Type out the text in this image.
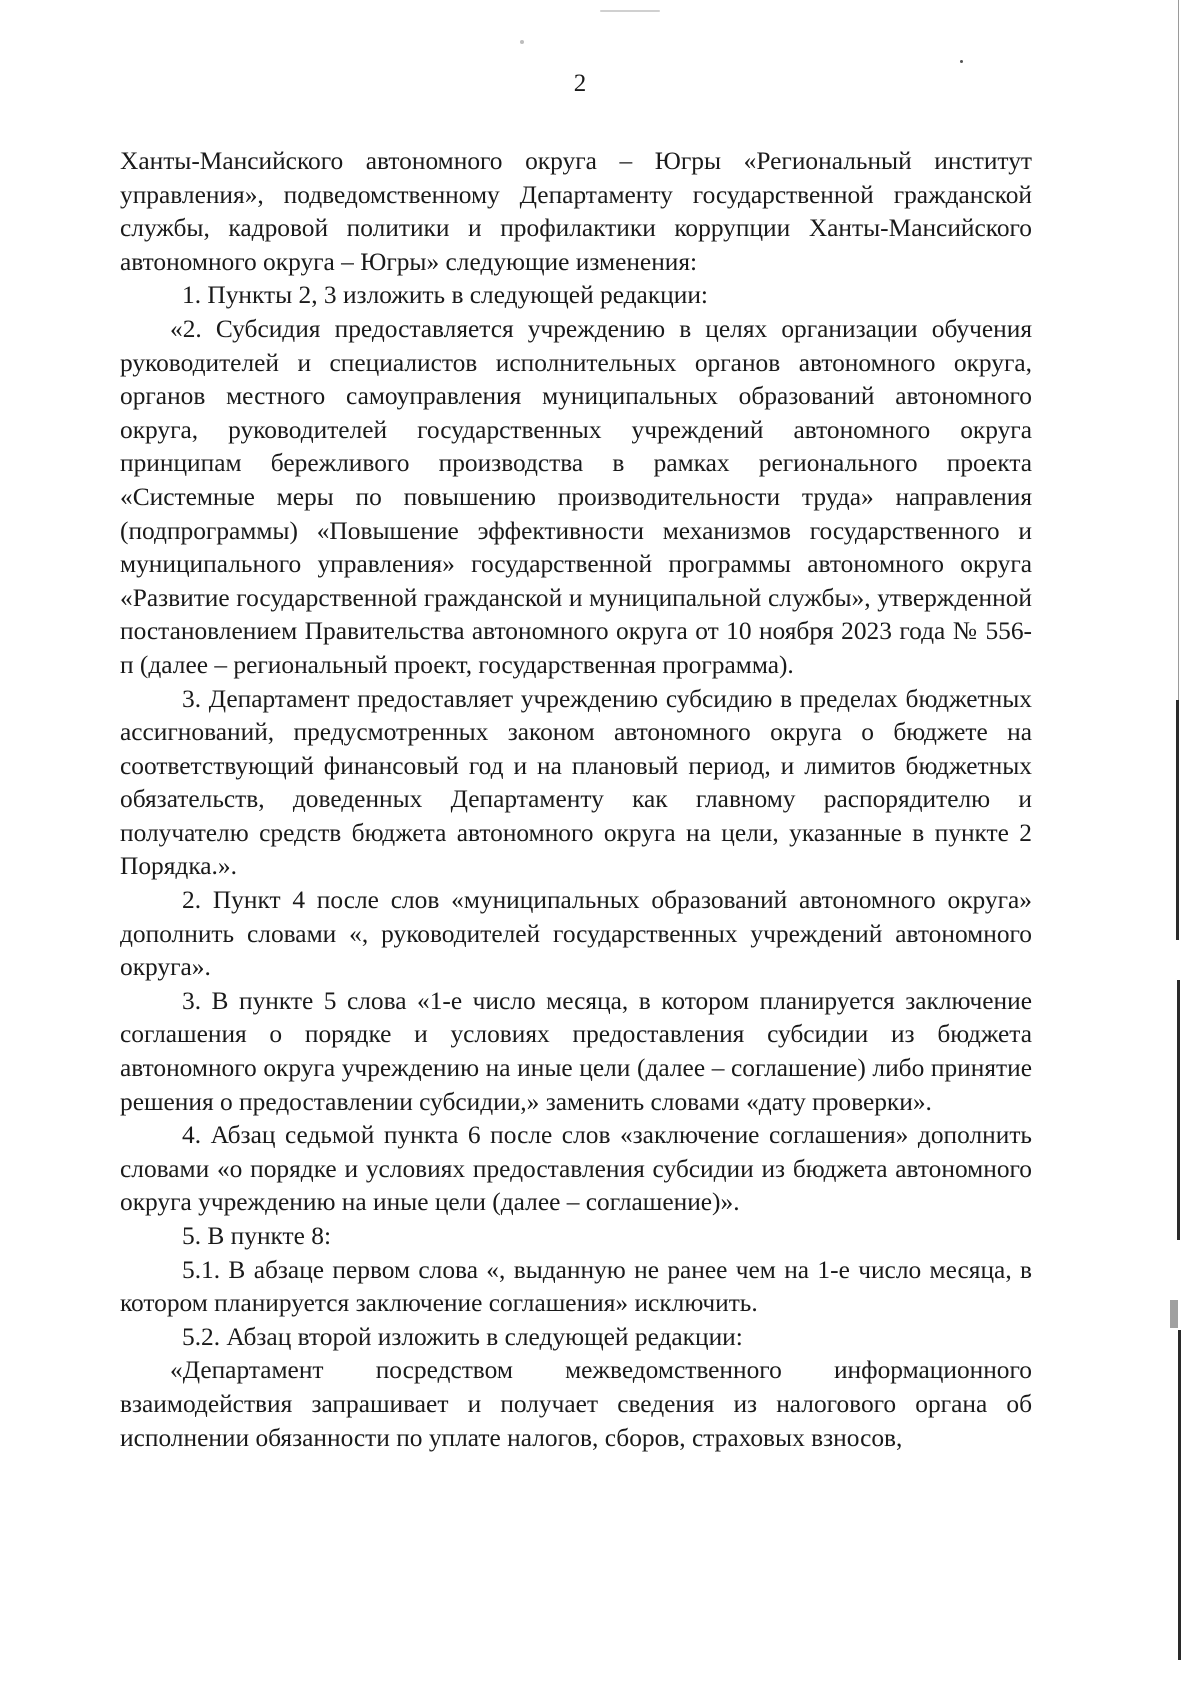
2

Ханты-Мансийского автономного округа – Югры «Региональный институт управления», подведомственному Департаменту государственной гражданской службы, кадровой политики и профилактики коррупции Ханты-Мансийского автономного округа – Югры» следующие изменения:

1. Пункты 2, 3 изложить в следующей редакции:

«2. Субсидия предоставляется учреждению в целях организации обучения руководителей и специалистов исполнительных органов автономного округа, органов местного самоуправления муниципальных образований автономного округа, руководителей государственных учреждений автономного округа принципам бережливого производства в рамках регионального проекта «Системные меры по повышению производительности труда» направления (подпрограммы) «Повышение эффективности механизмов государственного и муниципального управления» государственной программы автономного округа «Развитие государственной гражданской и муниципальной службы», утвержденной постановлением Правительства автономного округа от 10 ноября 2023 года № 556-п (далее – региональный проект, государственная программа).

3. Департамент предоставляет учреждению субсидию в пределах бюджетных ассигнований, предусмотренных законом автономного округа о бюджете на соответствующий финансовый год и на плановый период, и лимитов бюджетных обязательств, доведенных Департаменту как главному распорядителю и получателю средств бюджета автономного округа на цели, указанные в пункте 2 Порядка.».

2. Пункт 4 после слов «муниципальных образований автономного округа» дополнить словами «, руководителей государственных учреждений автономного округа».

3. В пункте 5 слова «1-е число месяца, в котором планируется заключение соглашения о порядке и условиях предоставления субсидии из бюджета автономного округа учреждению на иные цели (далее – соглашение) либо принятие решения о предоставлении субсидии,» заменить словами «дату проверки».

4. Абзац седьмой пункта 6 после слов «заключение соглашения» дополнить словами «о порядке и условиях предоставления субсидии из бюджета автономного округа учреждению на иные цели (далее – соглашение)».

5. В пункте 8:

5.1. В абзаце первом слова «, выданную не ранее чем на 1-е число месяца, в котором планируется заключение соглашения» исключить.

5.2. Абзац второй изложить в следующей редакции:

«Департамент посредством межведомственного информационного взаимодействия запрашивает и получает сведения из налогового органа об исполнении обязанности по уплате налогов, сборов, страховых взносов,
